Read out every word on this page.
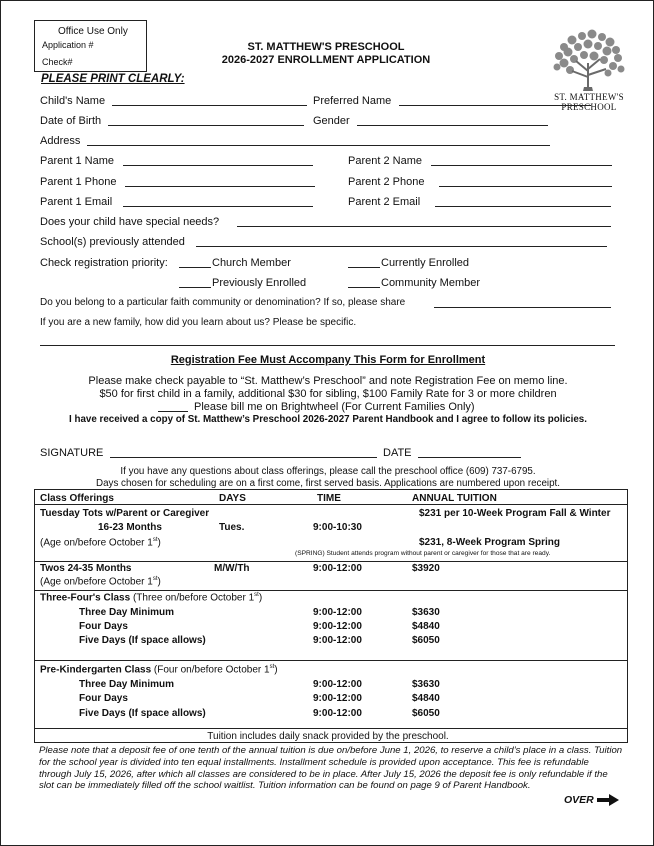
Office Use Only
Application #
Check#
ST. MATTHEW'S PRESCHOOL
2026-2027 ENROLLMENT APPLICATION
PLEASE PRINT CLEARLY:
ST. MATTHEW'S
PRESCHOOL
Child's Name	Preferred Name
Date of Birth	Gender
Address
Parent 1 Name	Parent 2 Name
Parent 1 Phone	Parent 2 Phone
Parent 1 Email	Parent 2 Email
Does your child have special needs?
School(s) previously attended
Check registration priority:	Church Member	Currently Enrolled
Previously Enrolled	Community Member
Do you belong to a particular faith community or denomination? If so, please share
If you are a new family, how did you learn about us? Please be specific.
Registration Fee Must Accompany This Form for Enrollment
Please make check payable to “St. Matthew’s Preschool” and note Registration Fee on memo line.
$50 for first child in a family, additional $30 for sibling, $100 Family Rate for 3 or more children
Please bill me on Brightwheel (For Current Families Only)
I have received a copy of St. Matthew’s Preschool 2026-2027 Parent Handbook and I agree to follow its policies.
SIGNATURE	DATE
If you have any questions about class offerings, please call the preschool office (609) 737-6795.
Days chosen for scheduling are on a first come, first served basis. Applications are numbered upon receipt.
Class Offerings	DAYS	TIME	ANNUAL TUITION
Tuesday Tots w/Parent or Caregiver	$231 per 10-Week Program Fall & Winter
16-23 Months	Tues.	9:00-10:30
(Age on/before October 1st)	$231, 8-Week Program Spring
(SPRING) Student attends program without parent or caregiver for those that are ready.
Twos 24-35 Months	M/W/Th	9:00-12:00	$3920
(Age on/before October 1st)
Three-Four's Class (Three on/before October 1st)
Three Day Minimum	9:00-12:00	$3630
Four Days	9:00-12:00	$4840
Five Days (If space allows)	9:00-12:00	$6050
Pre-Kindergarten Class (Four on/before October 1st)
Three Day Minimum	9:00-12:00	$3630
Four Days	9:00-12:00	$4840
Five Days (If space allows)	9:00-12:00	$6050
Tuition includes daily snack provided by the preschool.
Please note that a deposit fee of one tenth of the annual tuition is due on/before June 1, 2026, to reserve a child’s place in a class. Tuition for the school year is divided into ten equal installments. Installment schedule is provided upon acceptance. This fee is refundable through July 15, 2026, after which all classes are considered to be in place. After July 15, 2026 the deposit fee is only refundable if the slot can be immediately filled off the school waitlist. Tuition information can be found on page 9 of Parent Handbook.
OVER
